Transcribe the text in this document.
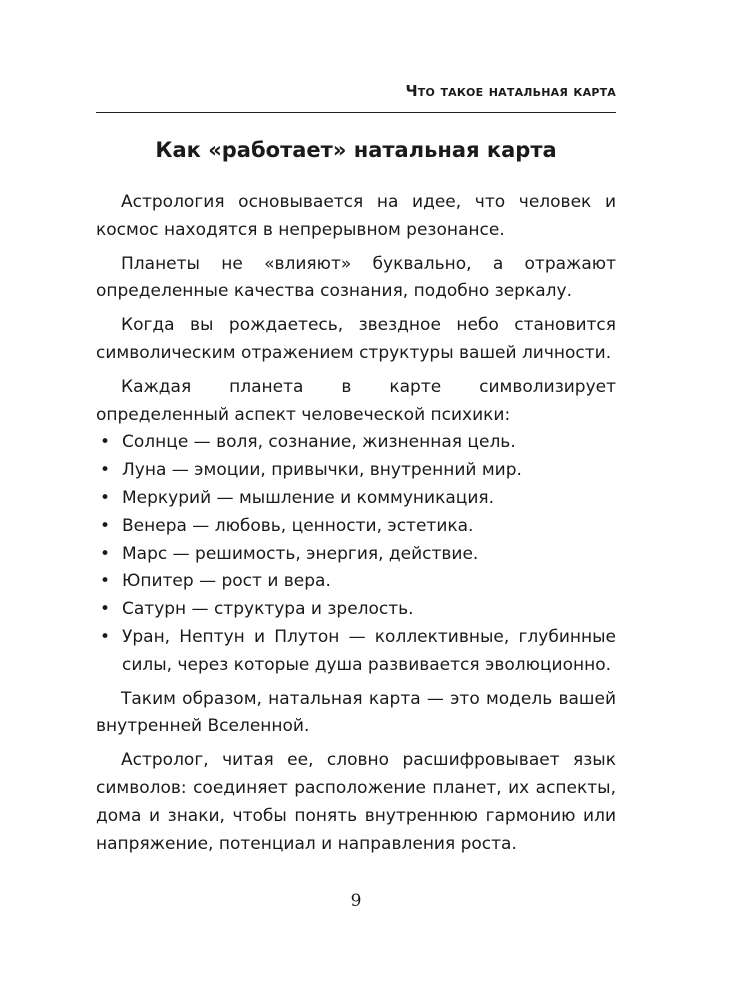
Что такое натальная карта
Как «работает» натальная карта

Астрология основывается на идее, что человек и космос находятся в непрерывном резонансе.

Планеты не «влияют» буквально, а отражают определенные качества сознания, подобно зеркалу.

Когда вы рождаетесь, звездное небо становится символическим отражением структуры вашей личности.

Каждая планета в карте символизирует определенный аспект человеческой психики:

• Солнце — воля, сознание, жизненная цель.
• Луна — эмоции, привычки, внутренний мир.
• Меркурий — мышление и коммуникация.
• Венера — любовь, ценности, эстетика.
• Марс — решимость, энергия, действие.
• Юпитер — рост и вера.
• Сатурн — структура и зрелость.
• Уран, Нептун и Плутон — коллективные, глубинные силы, через которые душа развивается эволюционно.

Таким образом, натальная карта — это модель вашей внутренней Вселенной.

Астролог, читая ее, словно расшифровывает язык символов: соединяет расположение планет, их аспекты, дома и знаки, чтобы понять внутреннюю гармонию или напряжение, потенциал и направления роста.

9
